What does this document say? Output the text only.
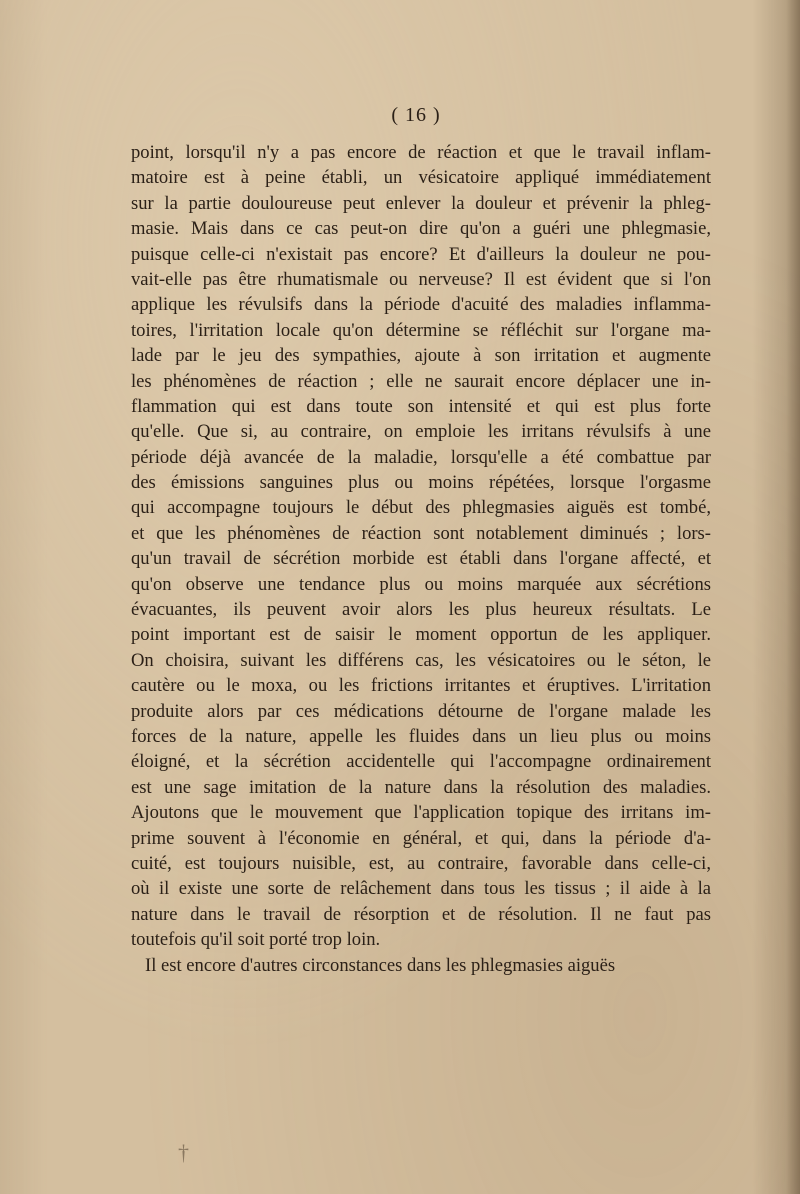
( 16 )
point, lorsqu'il n'y a pas encore de réaction et que le travail inflam-
matoire est à peine établi, un vésicatoire appliqué immédiatement
sur la partie douloureuse peut enlever la douleur et prévenir la phleg-
masie. Mais dans ce cas peut-on dire qu'on a guéri une phlegmasie,
puisque celle-ci n'existait pas encore? Et d'ailleurs la douleur ne pou-
vait-elle pas être rhumatismale ou nerveuse? Il est évident que si l'on
applique les révulsifs dans la période d'acuité des maladies inflamma-
toires, l'irritation locale qu'on détermine se réfléchit sur l'organe ma-
lade par le jeu des sympathies, ajoute à son irritation et augmente
les phénomènes de réaction ; elle ne saurait encore déplacer une in-
flammation qui est dans toute son intensité et qui est plus forte
qu'elle. Que si, au contraire, on emploie les irritans révulsifs à une
période déjà avancée de la maladie, lorsqu'elle a été combattue par
des émissions sanguines plus ou moins répétées, lorsque l'orgasme
qui accompagne toujours le début des phlegmasies aiguës est tombé,
et que les phénomènes de réaction sont notablement diminués ; lors-
qu'un travail de sécrétion morbide est établi dans l'organe affecté, et
qu'on observe une tendance plus ou moins marquée aux sécrétions
évacuantes, ils peuvent avoir alors les plus heureux résultats. Le
point important est de saisir le moment opportun de les appliquer.
On choisira, suivant les différens cas, les vésicatoires ou le séton, le
cautère ou le moxa, ou les frictions irritantes et éruptives. L'irritation
produite alors par ces médications détourne de l'organe malade les
forces de la nature, appelle les fluides dans un lieu plus ou moins
éloigné, et la sécrétion accidentelle qui l'accompagne ordinairement
est une sage imitation de la nature dans la résolution des maladies.
Ajoutons que le mouvement que l'application topique des irritans im-
prime souvent à l'économie en général, et qui, dans la période d'a-
cuité, est toujours nuisible, est, au contraire, favorable dans celle-ci,
où il existe une sorte de relâchement dans tous les tissus ; il aide à la
nature dans le travail de résorption et de résolution. Il ne faut pas
toutefois qu'il soit porté trop loin.
Il est encore d'autres circonstances dans les phlegmasies aiguës
†
